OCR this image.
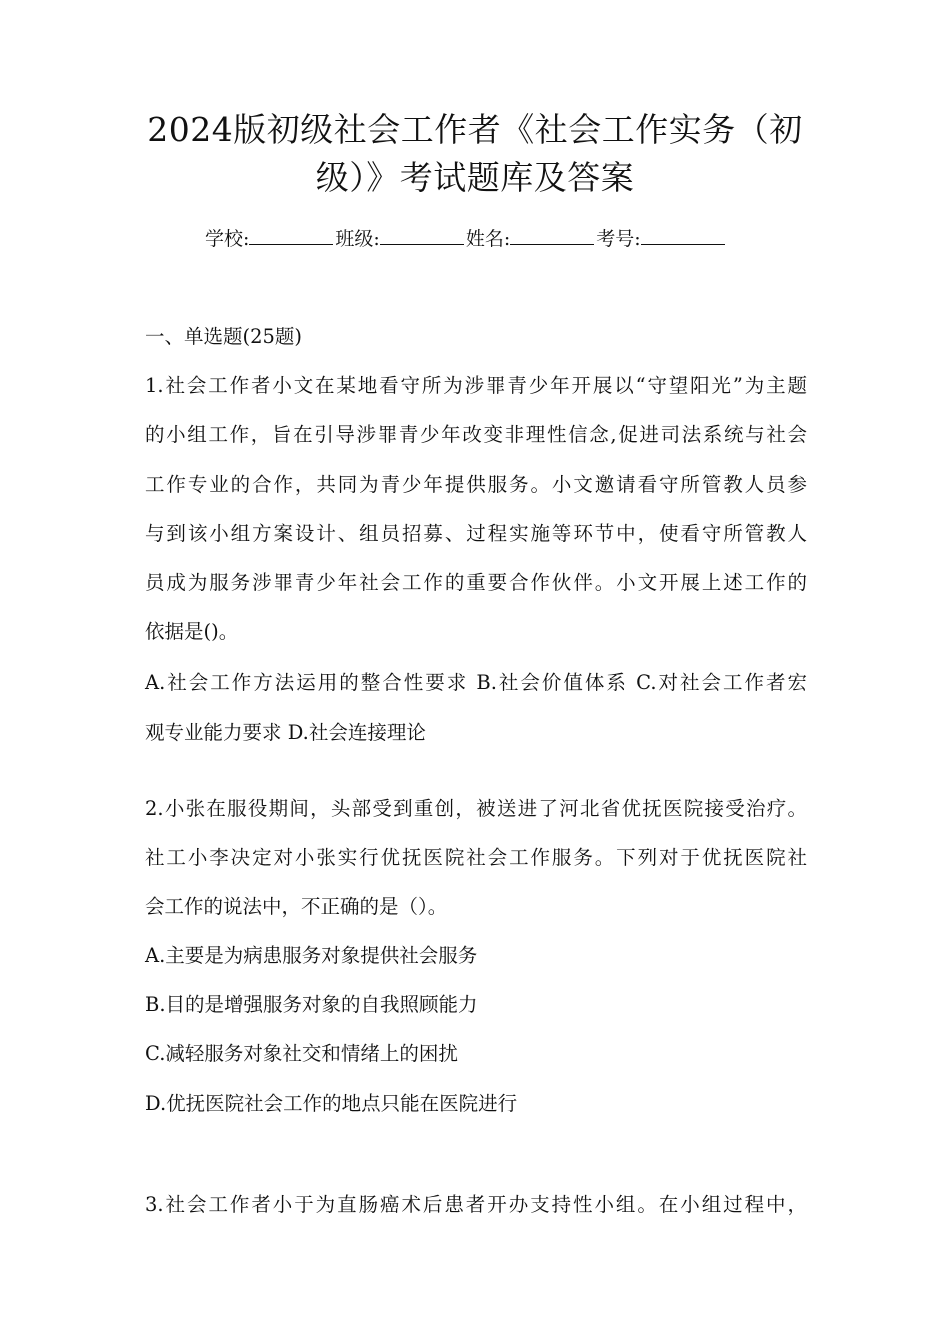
2024版初级社会工作者《社会工作实务（初
级）》考试题库及答案
学校:	班级:	姓名:	考号:
一、单选题(25题)
1.社会工作者小文在某地看守所为涉罪青少年开展以“守望阳光”为主题
的小组工作，旨在引导涉罪青少年改变非理性信念,促进司法系统与社会
工作专业的合作，共同为青少年提供服务。小文邀请看守所管教人员参
与到该小组方案设计、组员招募、过程实施等环节中，使看守所管教人
员成为服务涉罪青少年社会工作的重要合作伙伴。小文开展上述工作的
依据是()。
A.社会工作方法运用的整合性要求 B.社会价值体系 C.对社会工作者宏
观专业能力要求 D.社会连接理论
2.小张在服役期间，头部受到重创，被送进了河北省优抚医院接受治疗。
社工小李决定对小张实行优抚医院社会工作服务。下列对于优抚医院社
会工作的说法中，不正确的是（）。
A.主要是为病患服务对象提供社会服务
B.目的是增强服务对象的自我照顾能力
C.减轻服务对象社交和情绪上的困扰
D.优抚医院社会工作的地点只能在医院进行
3.社会工作者小于为直肠癌术后患者开办支持性小组。在小组过程中，
